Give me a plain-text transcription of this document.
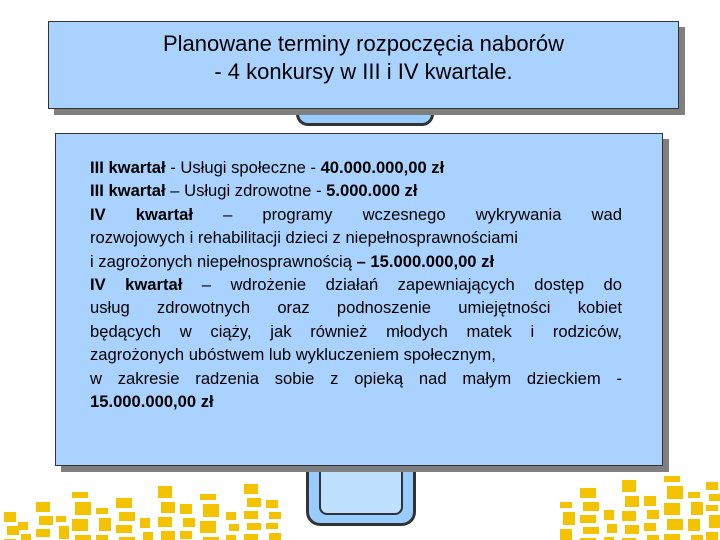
Planowane terminy rozpoczęcia naborów
- 4 konkursy w III i IV kwartale.
III kwartał - Usługi społeczne - 40.000.000,00 zł
III kwartał – Usługi zdrowotne - 5.000.000 zł
IV kwartał – programy wczesnego wykrywania wad
rozwojowych i rehabilitacji dzieci z niepełnosprawnościami
i zagrożonych niepełnosprawnością – 15.000.000,00 zł
IV kwartał – wdrożenie działań zapewniających dostęp do
usług zdrowotnych oraz podnoszenie umiejętności kobiet
będących w ciąży, jak również młodych matek i rodziców,
zagrożonych ubóstwem lub wykluczeniem społecznym,
w zakresie radzenia sobie z opieką nad małym dzieckiem -
15.000.000,00 zł
